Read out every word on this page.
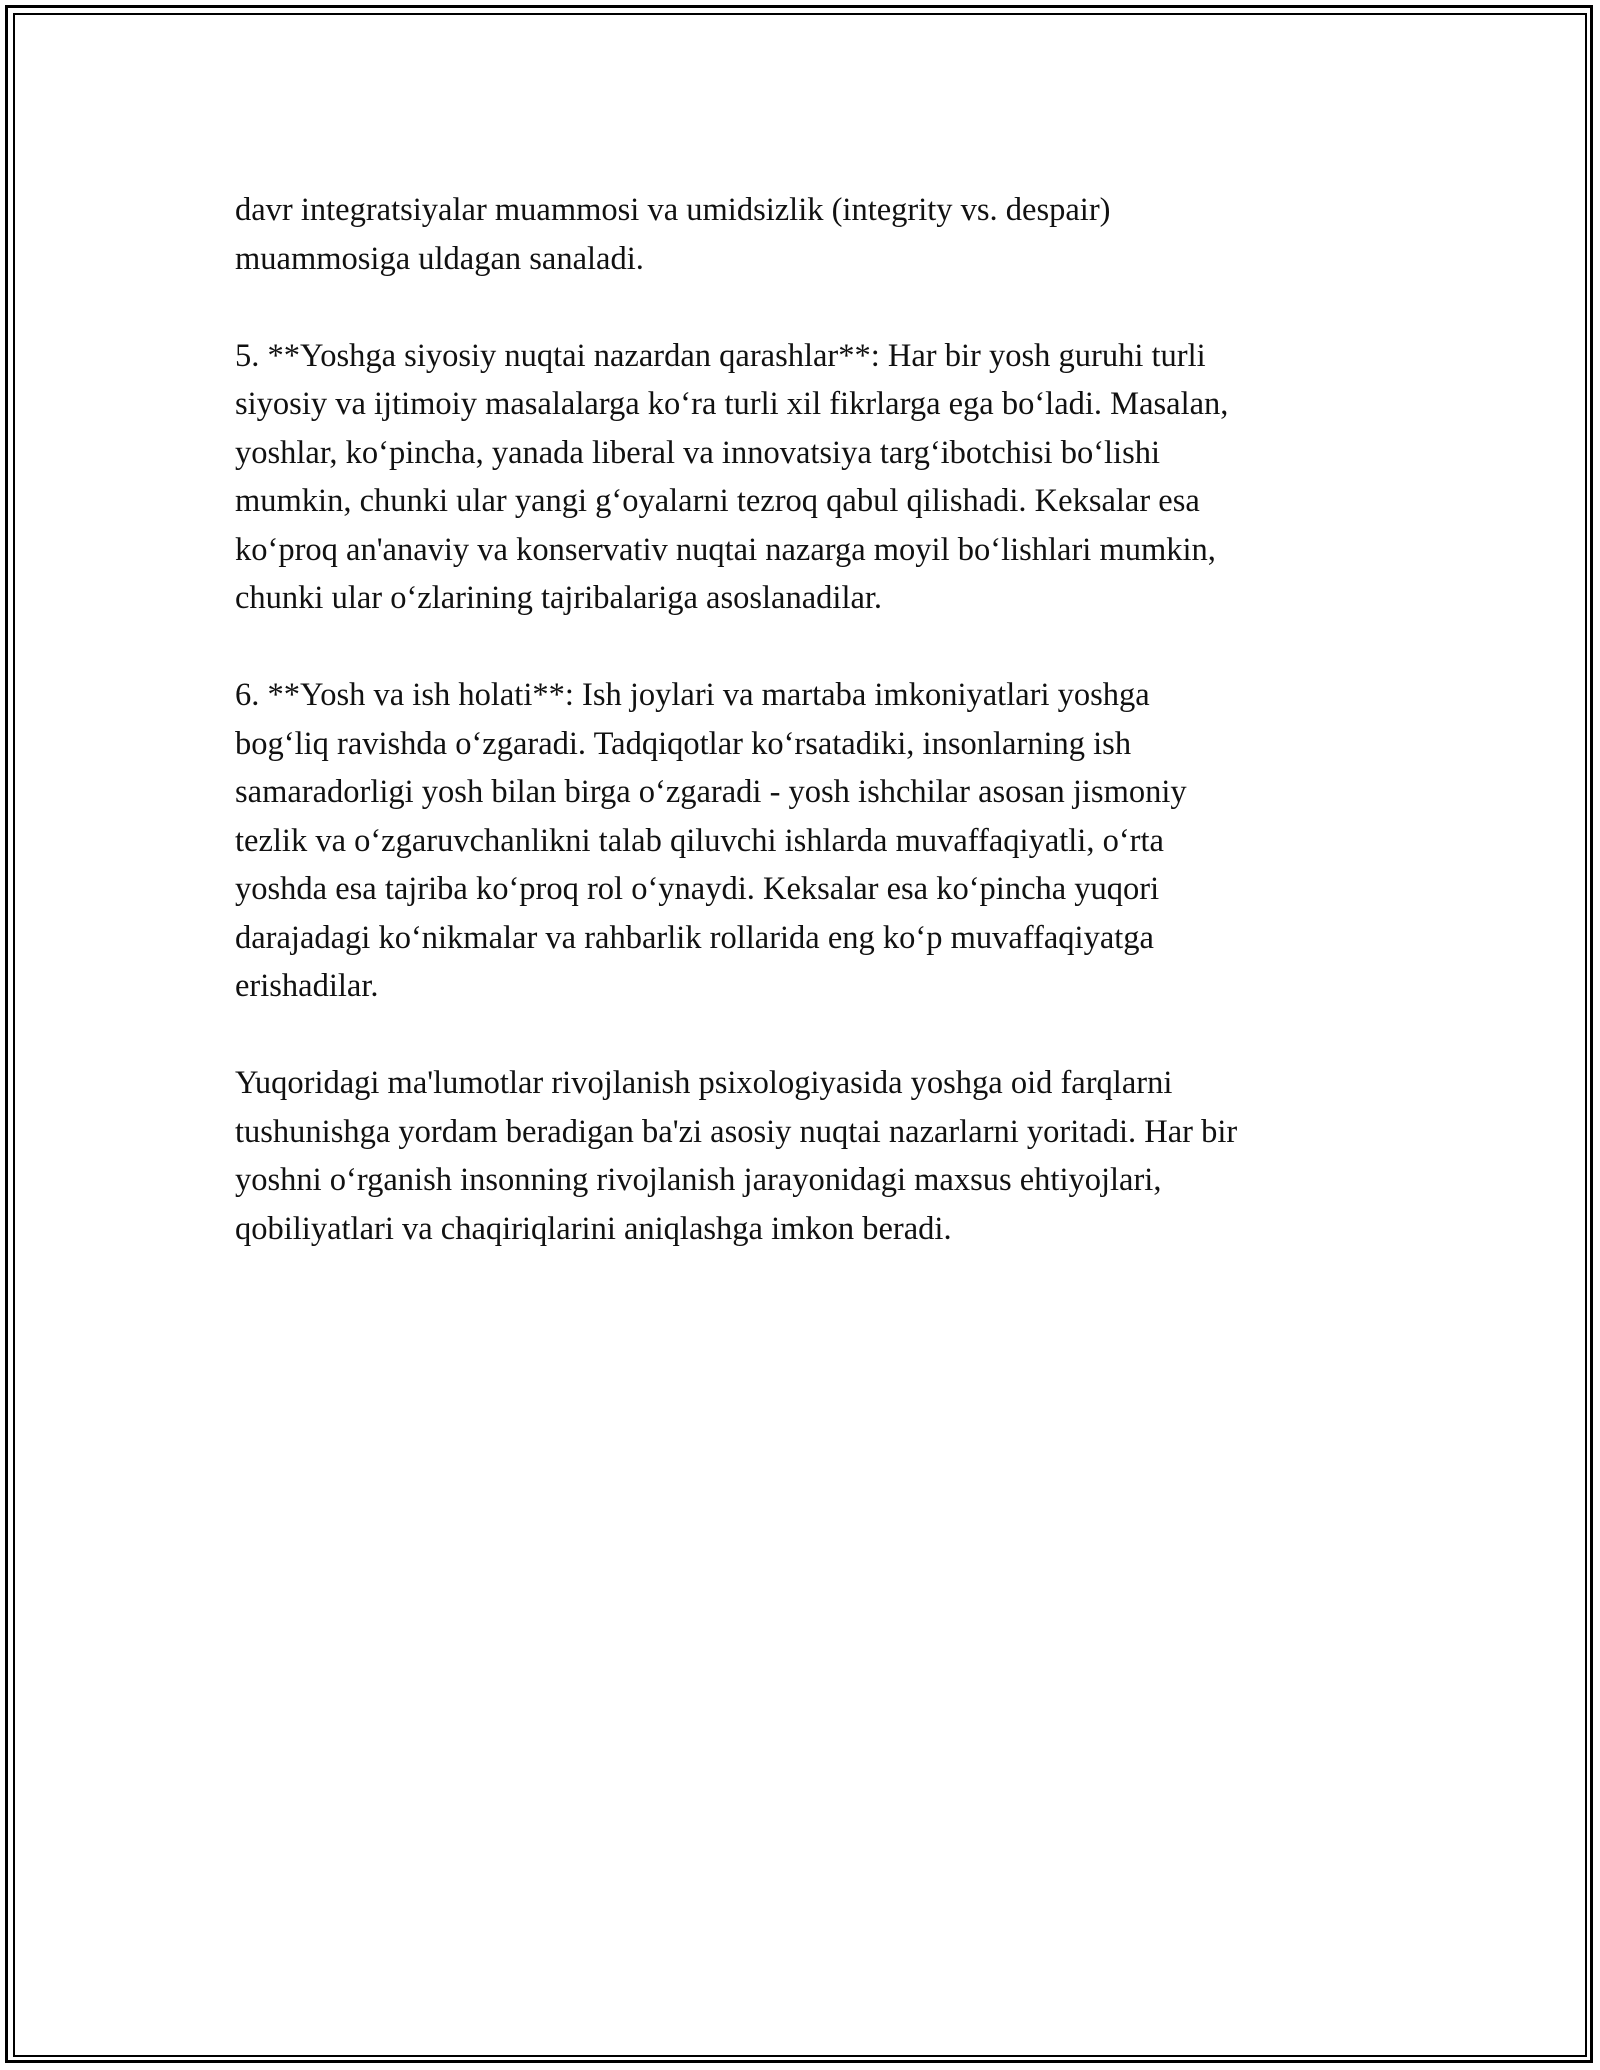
davr integratsiyalar muammosi va umidsizlik (integrity vs. despair)
muammosiga uldagan sanaladi.

5. **Yoshga siyosiy nuqtai nazardan qarashlar**: Har bir yosh guruhi turli
siyosiy va ijtimoiy masalalarga koʻra turli xil fikrlarga ega boʻladi. Masalan,
yoshlar, koʻpincha, yanada liberal va innovatsiya targʻibotchisi boʻlishi
mumkin, chunki ular yangi gʻoyalarni tezroq qabul qilishadi. Keksalar esa
koʻproq an'anaviy va konservativ nuqtai nazarga moyil boʻlishlari mumkin,
chunki ular oʻzlarining tajribalariga asoslanadilar.

6. **Yosh va ish holati**: Ish joylari va martaba imkoniyatlari yoshga
bogʻliq ravishda oʻzgaradi. Tadqiqotlar koʻrsatadiki, insonlarning ish
samaradorligi yosh bilan birga oʻzgaradi - yosh ishchilar asosan jismoniy
tezlik va oʻzgaruvchanlikni talab qiluvchi ishlarda muvaffaqiyatli, oʻrta
yoshda esa tajriba koʻproq rol oʻynaydi. Keksalar esa koʻpincha yuqori
darajadagi koʻnikmalar va rahbarlik rollarida eng koʻp muvaffaqiyatga
erishadilar.

Yuqoridagi ma'lumotlar rivojlanish psixologiyasida yoshga oid farqlarni
tushunishga yordam beradigan ba'zi asosiy nuqtai nazarlarni yoritadi. Har bir
yoshni oʻrganish insonning rivojlanish jarayonidagi maxsus ehtiyojlari,
qobiliyatlari va chaqiriqlarini aniqlashga imkon beradi.
